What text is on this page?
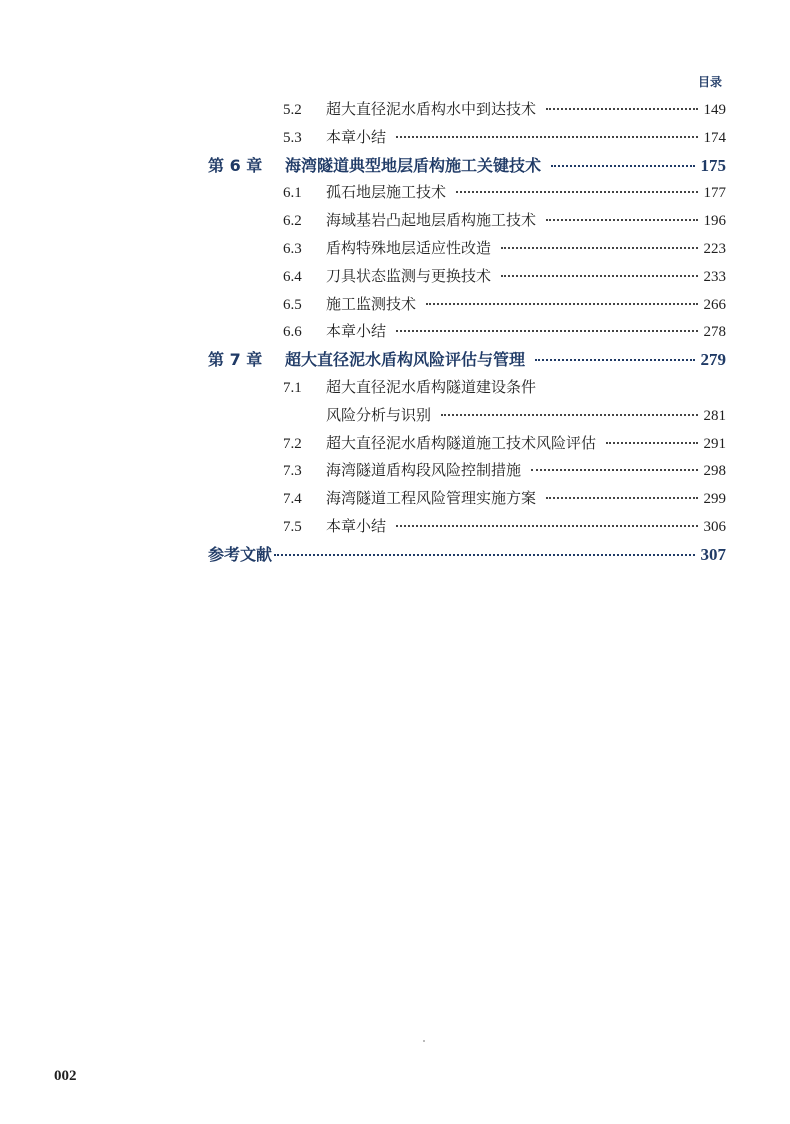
目录
5.2	超大直径泥水盾构水中到达技术	149
5.3	本章小结	174
第 6 章	海湾隧道典型地层盾构施工关键技术	175
6.1	孤石地层施工技术	177
6.2	海域基岩凸起地层盾构施工技术	196
6.3	盾构特殊地层适应性改造	223
6.4	刀具状态监测与更换技术	233
6.5	施工监测技术	266
6.6	本章小结	278
第 7 章	超大直径泥水盾构风险评估与管理	279
7.1	超大直径泥水盾构隧道建设条件
风险分析与识别	281
7.2	超大直径泥水盾构隧道施工技术风险评估	291
7.3	海湾隧道盾构段风险控制措施	298
7.4	海湾隧道工程风险管理实施方案	299
7.5	本章小结	306
参考文献	307
002
